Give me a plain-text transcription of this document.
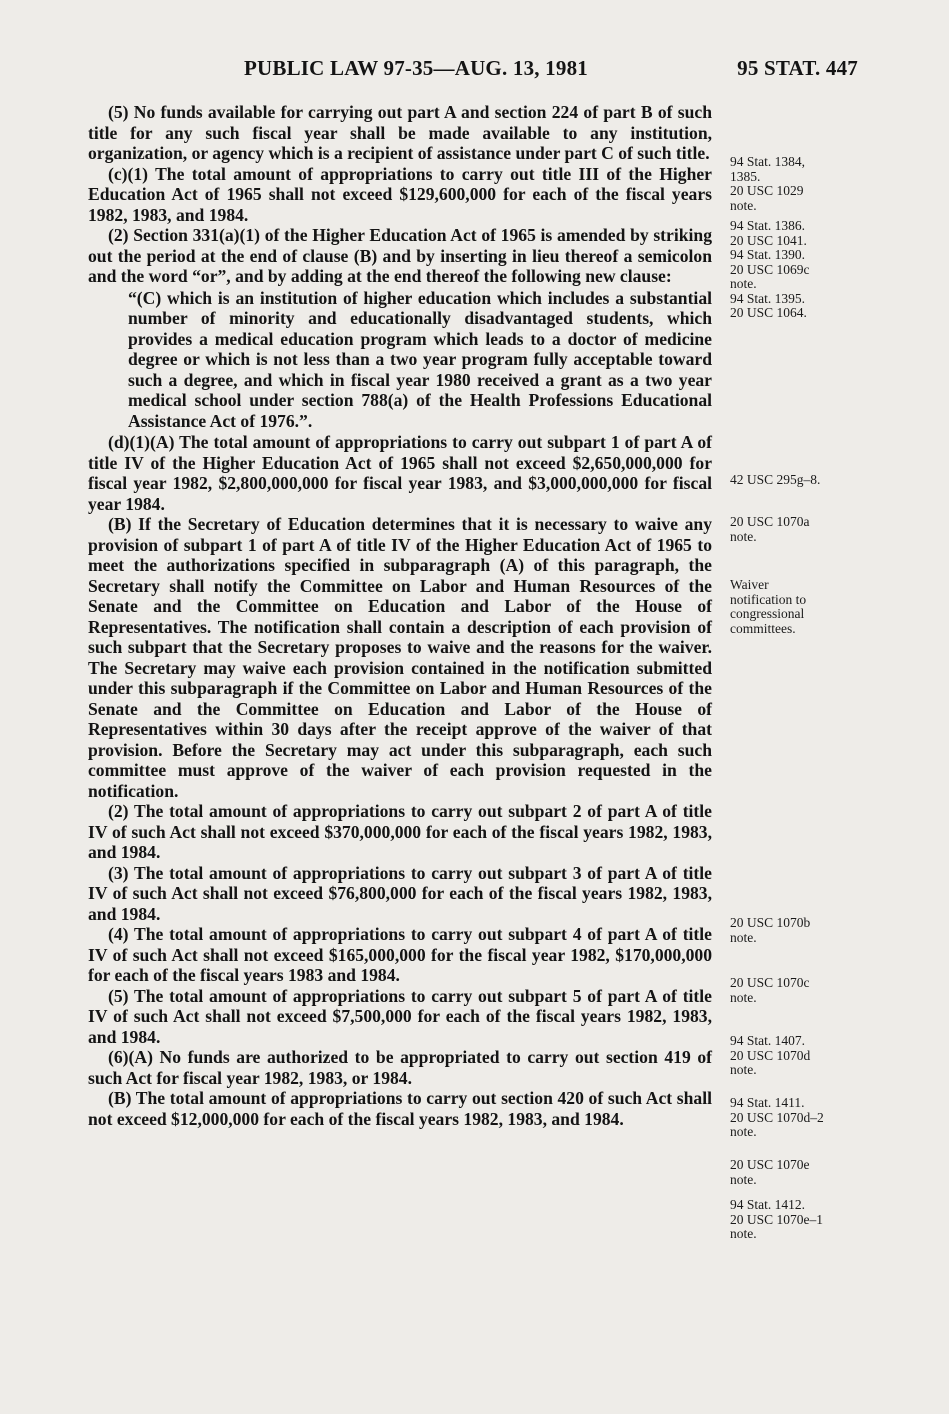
PUBLIC LAW 97-35—AUG. 13, 1981	95 STAT. 447

(5) No funds available for carrying out part A and section 224 of part B of such title for any such fiscal year shall be made available to any institution, organization, or agency which is a recipient of assistance under part C of such title.

(c)(1) The total amount of appropriations to carry out title III of the Higher Education Act of 1965 shall not exceed $129,600,000 for each of the fiscal years 1982, 1983, and 1984.

(2) Section 331(a)(1) of the Higher Education Act of 1965 is amended by striking out the period at the end of clause (B) and by inserting in lieu thereof a semicolon and the word “or”, and by adding at the end thereof the following new clause:

“(C) which is an institution of higher education which includes a substantial number of minority and educationally disadvantaged students, which provides a medical education program which leads to a doctor of medicine degree or which is not less than a two year program fully acceptable toward such a degree, and which in fiscal year 1980 received a grant as a two year medical school under section 788(a) of the Health Professions Educational Assistance Act of 1976.”.

(d)(1)(A) The total amount of appropriations to carry out subpart 1 of part A of title IV of the Higher Education Act of 1965 shall not exceed $2,650,000,000 for fiscal year 1982, $2,800,000,000 for fiscal year 1983, and $3,000,000,000 for fiscal year 1984.

(B) If the Secretary of Education determines that it is necessary to waive any provision of subpart 1 of part A of title IV of the Higher Education Act of 1965 to meet the authorizations specified in subparagraph (A) of this paragraph, the Secretary shall notify the Committee on Labor and Human Resources of the Senate and the Committee on Education and Labor of the House of Representatives. The notification shall contain a description of each provision of such subpart that the Secretary proposes to waive and the reasons for the waiver. The Secretary may waive each provision contained in the notification submitted under this subparagraph if the Committee on Labor and Human Resources of the Senate and the Committee on Education and Labor of the House of Representatives within 30 days after the receipt approve of the waiver of that provision. Before the Secretary may act under this subparagraph, each such committee must approve of the waiver of each provision requested in the notification.

(2) The total amount of appropriations to carry out subpart 2 of part A of title IV of such Act shall not exceed $370,000,000 for each of the fiscal years 1982, 1983, and 1984.

(3) The total amount of appropriations to carry out subpart 3 of part A of title IV of such Act shall not exceed $76,800,000 for each of the fiscal years 1982, 1983, and 1984.

(4) The total amount of appropriations to carry out subpart 4 of part A of title IV of such Act shall not exceed $165,000,000 for the fiscal year 1982, $170,000,000 for each of the fiscal years 1983 and 1984.

(5) The total amount of appropriations to carry out subpart 5 of part A of title IV of such Act shall not exceed $7,500,000 for each of the fiscal years 1982, 1983, and 1984.

(6)(A) No funds are authorized to be appropriated to carry out section 419 of such Act for fiscal year 1982, 1983, or 1984.

(B) The total amount of appropriations to carry out section 420 of such Act shall not exceed $12,000,000 for each of the fiscal years 1982, 1983, and 1984.

94 Stat. 1384,
1385.
20 USC 1029
note.
94 Stat. 1386.
20 USC 1041.
94 Stat. 1390.
20 USC 1069c
note.
94 Stat. 1395.
20 USC 1064.
42 USC 295g–8.
20 USC 1070a
note.
Waiver
notification to
congressional
committees.
20 USC 1070b
note.
20 USC 1070c
note.
94 Stat. 1407.
20 USC 1070d
note.
94 Stat. 1411.
20 USC 1070d–2
note.
20 USC 1070e
note.
94 Stat. 1412.
20 USC 1070e–1
note.
